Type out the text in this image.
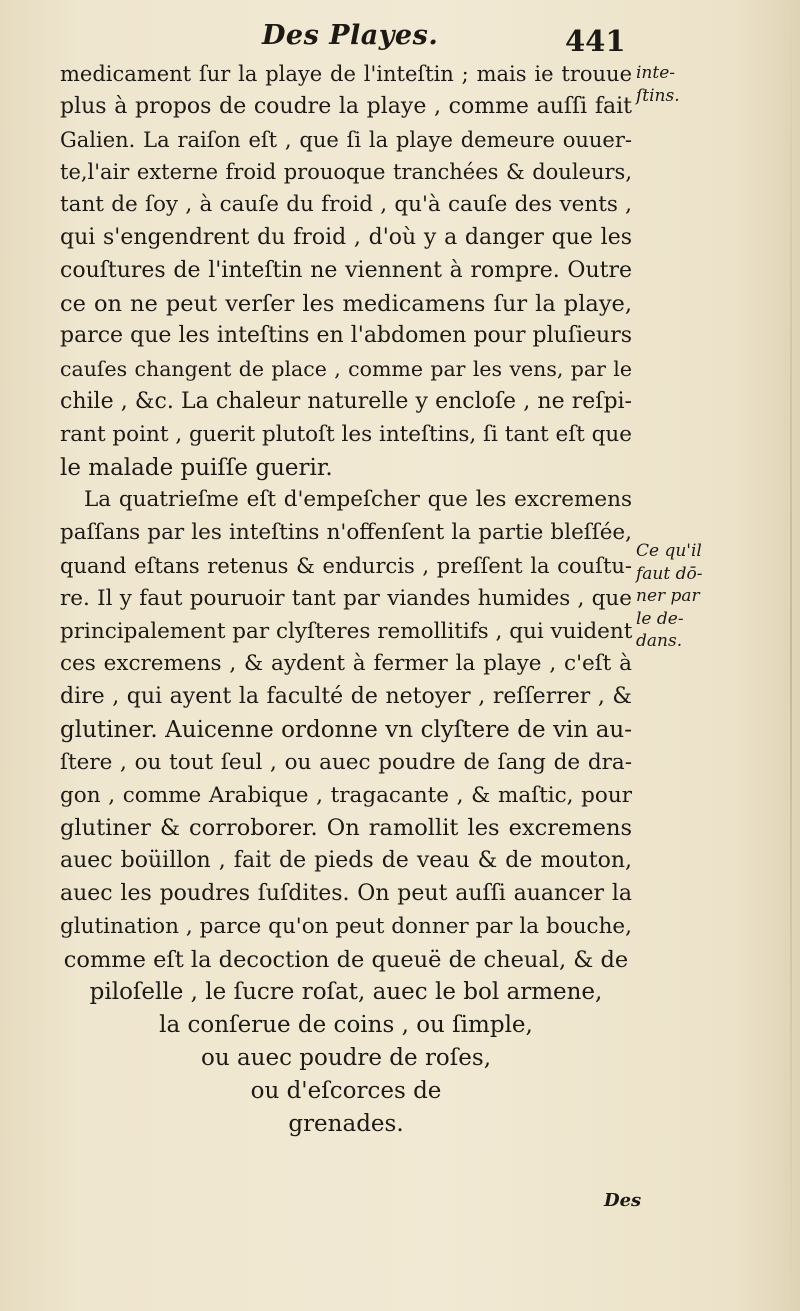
Des Playes.	441
medicament ſur la playe de l'inteſtin ; mais ie trouue
plus à propos de coudre la playe , comme auſſi fait
Galien. La raiſon eſt , que ſi la playe demeure ouuer-
te,l'air externe froid prouoque tranchées & douleurs,
tant de ſoy , à cauſe du froid , qu'à cauſe des vents ,
qui s'engendrent du froid , d'où y a danger que les
couſtures de l'inteſtin ne viennent à rompre. Outre
ce on ne peut verſer les medicamens ſur la playe,
parce que les inteſtins en l'abdomen pour pluſieurs
cauſes changent de place , comme par les vens, par le
chile , &c. La chaleur naturelle y encloſe , ne reſpi-
rant point , guerit plutoſt les inteſtins, ſi tant eſt que
le malade puiſſe guerir.
La quatrieſme eſt d'empeſcher que les excremens
paſſans par les inteſtins n'offenſent la partie bleſſée,
quand eſtans retenus & endurcis , preſſent la couſtu-
re. Il y faut pouruoir tant par viandes humides , que
principalement par clyſteres remollitifs , qui vuident
ces excremens , & aydent à fermer la playe , c'eſt à
dire , qui ayent la faculté de netoyer , reſſerrer , &
glutiner. Auicenne ordonne vn clyſtere de vin au-
ſtere , ou tout ſeul , ou auec poudre de ſang de dra-
gon , comme Arabique , tragacante , & maſtic, pour
glutiner & corroborer. On ramollit les excremens
auec boüillon , fait de pieds de veau & de mouton,
auec les poudres ſuſdites. On peut auſſi auancer la
glutination , parce qu'on peut donner par la bouche,
comme eſt la decoction de queuë de cheual, & de
piloſelle , le ſucre roſat, auec le bol armene,
la conſerue de coins , ou ſimple,
ou auec poudre de roſes,
ou d'eſcorces de
grenades.
inte-
ſtins.
Ce qu'il
faut dō-
ner par
le de-
dans.
Des
